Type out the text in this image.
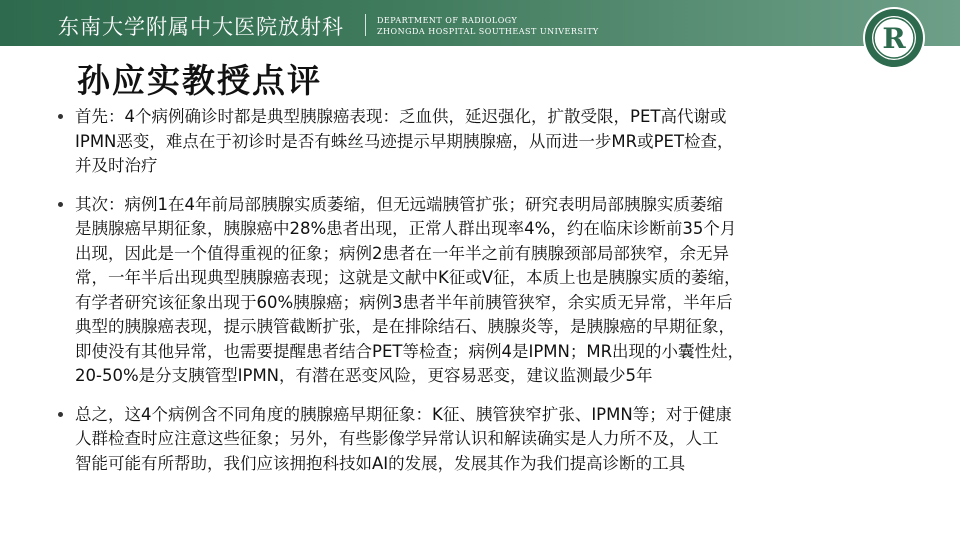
东南大学附属中大医院放射科	DEPARTMENT OF RADIOLOGY
ZHONGDA HOSPITAL SOUTHEAST UNIVERSITY	R
孙应实教授点评
首先：4个病例确诊时都是典型胰腺癌表现：乏血供，延迟强化，扩散受限，PET高代谢或
IPMN恶变，难点在于初诊时是否有蛛丝马迹提示早期胰腺癌，从而进一步MR或PET检查，
并及时治疗
其次：病例1在4年前局部胰腺实质萎缩，但无远端胰管扩张；研究表明局部胰腺实质萎缩
是胰腺癌早期征象，胰腺癌中28%患者出现，正常人群出现率4%，约在临床诊断前35个月
出现，因此是一个值得重视的征象；病例2患者在一年半之前有胰腺颈部局部狭窄，余无异
常，一年半后出现典型胰腺癌表现；这就是文献中K征或V征，本质上也是胰腺实质的萎缩，
有学者研究该征象出现于60%胰腺癌；病例3患者半年前胰管狭窄，余实质无异常，半年后
典型的胰腺癌表现，提示胰管截断扩张，是在排除结石、胰腺炎等，是胰腺癌的早期征象，
即使没有其他异常，也需要提醒患者结合PET等检查；病例4是IPMN；MR出现的小囊性灶，
20-50%是分支胰管型IPMN，有潜在恶变风险，更容易恶变，建议监测最少5年
总之，这4个病例含不同角度的胰腺癌早期征象：K征、胰管狭窄扩张、IPMN等；对于健康
人群检查时应注意这些征象；另外，有些影像学异常认识和解读确实是人力所不及，人工
智能可能有所帮助，我们应该拥抱科技如AI的发展，发展其作为我们提高诊断的工具
